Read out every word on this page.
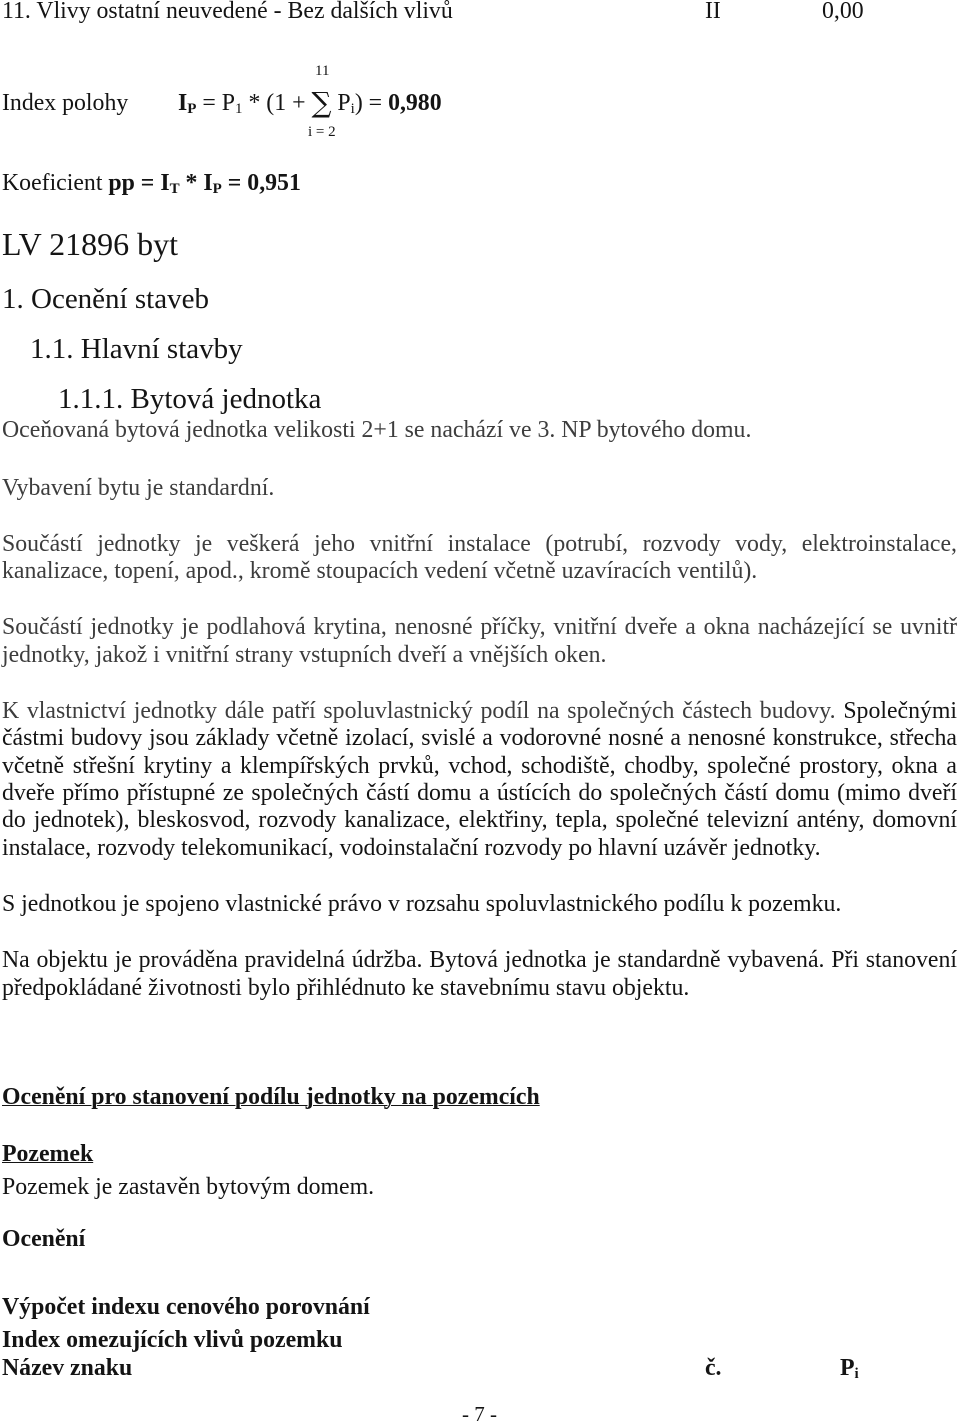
11. Vlivy ostatní neuvedené - Bez dalších vlivů	II	0,00
11
Index polohy $I_P = P_1 * (1$ + ∑ $P_i) = 0,980$
i = 2
Koeficient pp = $I_T * I_P = 0,951$
LV 21896 byt
1. Ocenění staveb
1.1. Hlavní stavby
1.1.1. Bytová jednotka
Oceňovaná bytová jednotka velikosti 2+1 se nachází ve 3. NP bytového domu.
Vybavení bytu je standardní.
Součástí jednotky je veškerá jeho vnitřní instalace (potrubí, rozvody vody, elektroinstalace,
kanalizace, topení, apod., kromě stoupacích vedení včetně uzavíracích ventilů).
Součástí jednotky je podlahová krytina, nenosné příčky, vnitřní dveře a okna nacházející se uvnitř
jednotky, jakož i vnitřní strany vstupních dveří a vnějších oken.
K vlastnictví jednotky dále patří spoluvlastnický podíl na společných částech budovy. Společnými
částmi budovy jsou základy včetně izolací, svislé a vodorovné nosné a nenosné konstrukce, střecha
včetně střešní krytiny a klempířských prvků, vchod, schodiště, chodby, společné prostory, okna a
dveře přímo přístupné ze společných částí domu a ústících do společných částí domu (mimo dveří
do jednotek), bleskosvod, rozvody kanalizace, elektřiny, tepla, společné televizní antény, domovní
instalace, rozvody telekomunikací, vodoinstalační rozvody po hlavní uzávěr jednotky.
S jednotkou je spojeno vlastnické právo v rozsahu spoluvlastnického podílu k pozemku.
Na objektu je prováděna pravidelná údržba. Bytová jednotka je standardně vybavená. Při stanovení
předpokládané životnosti bylo přihlédnuto ke stavebnímu stavu objektu.
Ocenění pro stanovení podílu jednotky na pozemcích
Pozemek
Pozemek je zastavěn bytovým domem.
Ocenění
Výpočet indexu cenového porovnání
Index omezujících vlivů pozemku
Název znaku	č.	$P_i$
- 7 -
